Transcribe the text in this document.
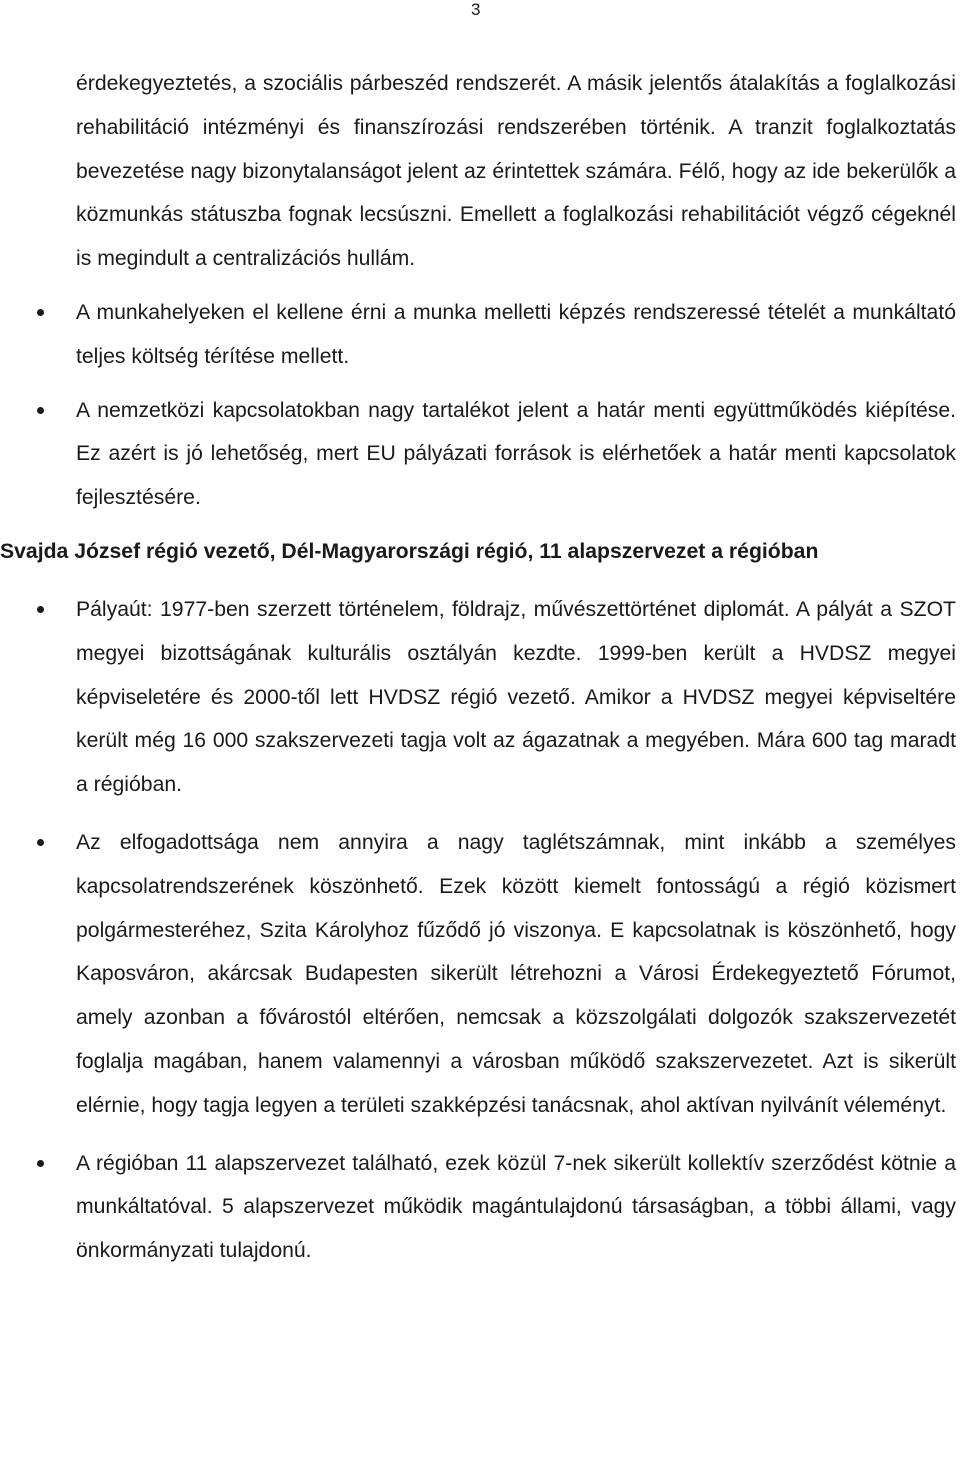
3

érdekegyeztetés, a szociális párbeszéd rendszerét. A másik jelentős átalakítás a foglalkozási rehabilitáció intézményi és finanszírozási rendszerében történik. A tranzit foglalkoztatás bevezetése nagy bizonytalanságot jelent az érintettek számára. Félő, hogy az ide bekerülők a közmunkás státuszba fognak lecsúszni. Emellett a foglalkozási rehabilitációt végző cégeknél is megindult a centralizációs hullám.

A munkahelyeken el kellene érni a munka melletti képzés rendszeressé tételét a munkáltató teljes költség térítése mellett.
A nemzetközi kapcsolatokban nagy tartalékot jelent a határ menti együttműködés kiépítése. Ez azért is jó lehetőség, mert EU pályázati források is elérhetőek a határ menti kapcsolatok fejlesztésére.

Svajda József régió vezető, Dél-Magyarországi régió, 11 alapszervezet a régióban

Pályaút: 1977-ben szerzett történelem, földrajz, művészettörténet diplomát. A pályát a SZOT megyei bizottságának kulturális osztályán kezdte. 1999-ben került a HVDSZ megyei képviseletére és 2000-től lett HVDSZ régió vezető. Amikor a HVDSZ megyei képviseltére került még 16 000 szakszervezeti tagja volt az ágazatnak a megyében. Mára 600 tag maradt a régióban.
Az elfogadottsága nem annyira a nagy taglétszámnak, mint inkább a személyes kapcsolatrendszerének köszönhető. Ezek között kiemelt fontosságú a régió közismert polgármesteréhez, Szita Károlyhoz fűződő jó viszonya. E kapcsolatnak is köszönhető, hogy Kaposváron, akárcsak Budapesten sikerült létrehozni a Városi Érdekegyeztető Fórumot, amely azonban a fővárostól eltérően, nemcsak a közszolgálati dolgozók szakszervezetét foglalja magában, hanem valamennyi a városban működő szakszervezetet. Azt is sikerült elérnie, hogy tagja legyen a területi szakképzési tanácsnak, ahol aktívan nyilvánít véleményt.
A régióban 11 alapszervezet található, ezek közül 7-nek sikerült kollektív szerződést kötnie a munkáltatóval. 5 alapszervezet működik magántulajdonú társaságban, a többi állami, vagy önkormányzati tulajdonú.
